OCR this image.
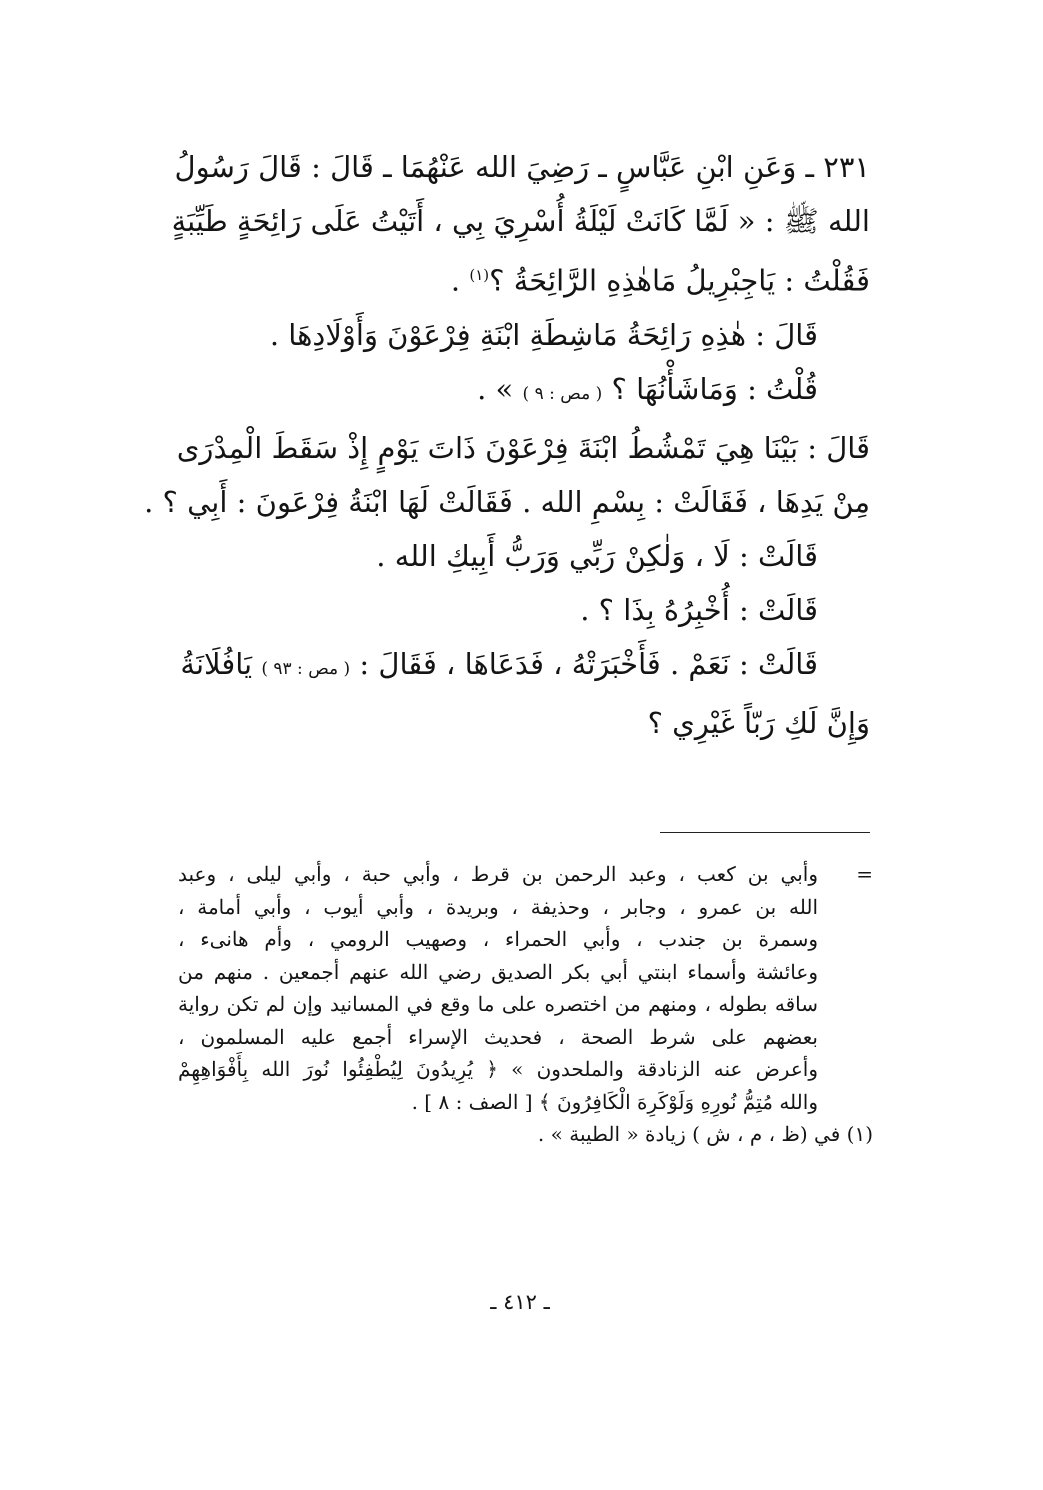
٢٣١ ـ وَعَنِ ابْنِ عَبَّاسٍ ـ رَضِيَ الله عَنْهُمَا ـ قَالَ : قَالَ رَسُولُ
الله ﷺ : « لَمَّا كَانَتْ لَيْلَةُ أُسْرِيَ بِي ، أَتَيْتُ عَلَى رَائِحَةٍ طَيِّبَةٍ
فَقُلْتُ : يَاجِبْرِيلُ مَاهٰذِهِ الرَّائِحَةُ ؟$^{(١)}$ .
قَالَ : هٰذِهِ رَائِحَةُ مَاشِطَةِ ابْنَةِ فِرْعَوْنَ وَأَوْلَادِهَا .
قُلْتُ : وَمَاشَأْنُهَا ؟ ( مص : ٩ ) » .
قَالَ : بَيْنَا هِيَ تَمْشُطُ ابْنَةَ فِرْعَوْنَ ذَاتَ يَوْمٍ إِذْ سَقَطَ الْمِدْرَى
مِنْ يَدِهَا ، فَقَالَتْ : بِسْمِ الله . فَقَالَتْ لَهَا ابْنَةُ فِرْعَونَ : أَبِي ؟ .
قَالَتْ : لَا ، وَلٰكِنْ رَبِّي وَرَبُّ أَبِيكِ الله .
قَالَتْ : أُخْبِرُهُ بِذَا ؟ .
قَالَتْ : نَعَمْ . فَأَخْبَرَتْهُ ، فَدَعَاهَا ، فَقَالَ : ( مص : ٩٣ ) يَافُلَانَةُ
وَإِنَّ لَكِ رَبّاً غَيْرِي ؟
=وأبي بن كعب ، وعبد الرحمن بن قرط ، وأبي حبة ، وأبي ليلى ، وعبد
الله بن عمرو ، وجابر ، وحذيفة ، وبريدة ، وأبي أيوب ، وأبي أمامة ،
وسمرة بن جندب ، وأبي الحمراء ، وصهيب الرومي ، وأم هانىء ،
وعائشة وأسماء ابنتي أبي بكر الصديق رضي الله عنهم أجمعين . منهم من
ساقه بطوله ، ومنهم من اختصره على ما وقع في المسانيد وإن لم تكن رواية
بعضهم على شرط الصحة ، فحديث الإسراء أجمع عليه المسلمون ،
وأعرض عنه الزنادقة والملحدون » ﴿ يُرِيدُونَ لِيُطْفِئُوا نُورَ الله بِأَفْوَاهِهِمْ
والله مُتِمُّ نُورِهِ وَلَوْكَرِهَ الْكَافِرُونَ ﴾ [ الصف : ٨ ] .
(١) في (ظ ، م ، ش ) زيادة « الطيبة » .
ـ ٤١٢ ـ
